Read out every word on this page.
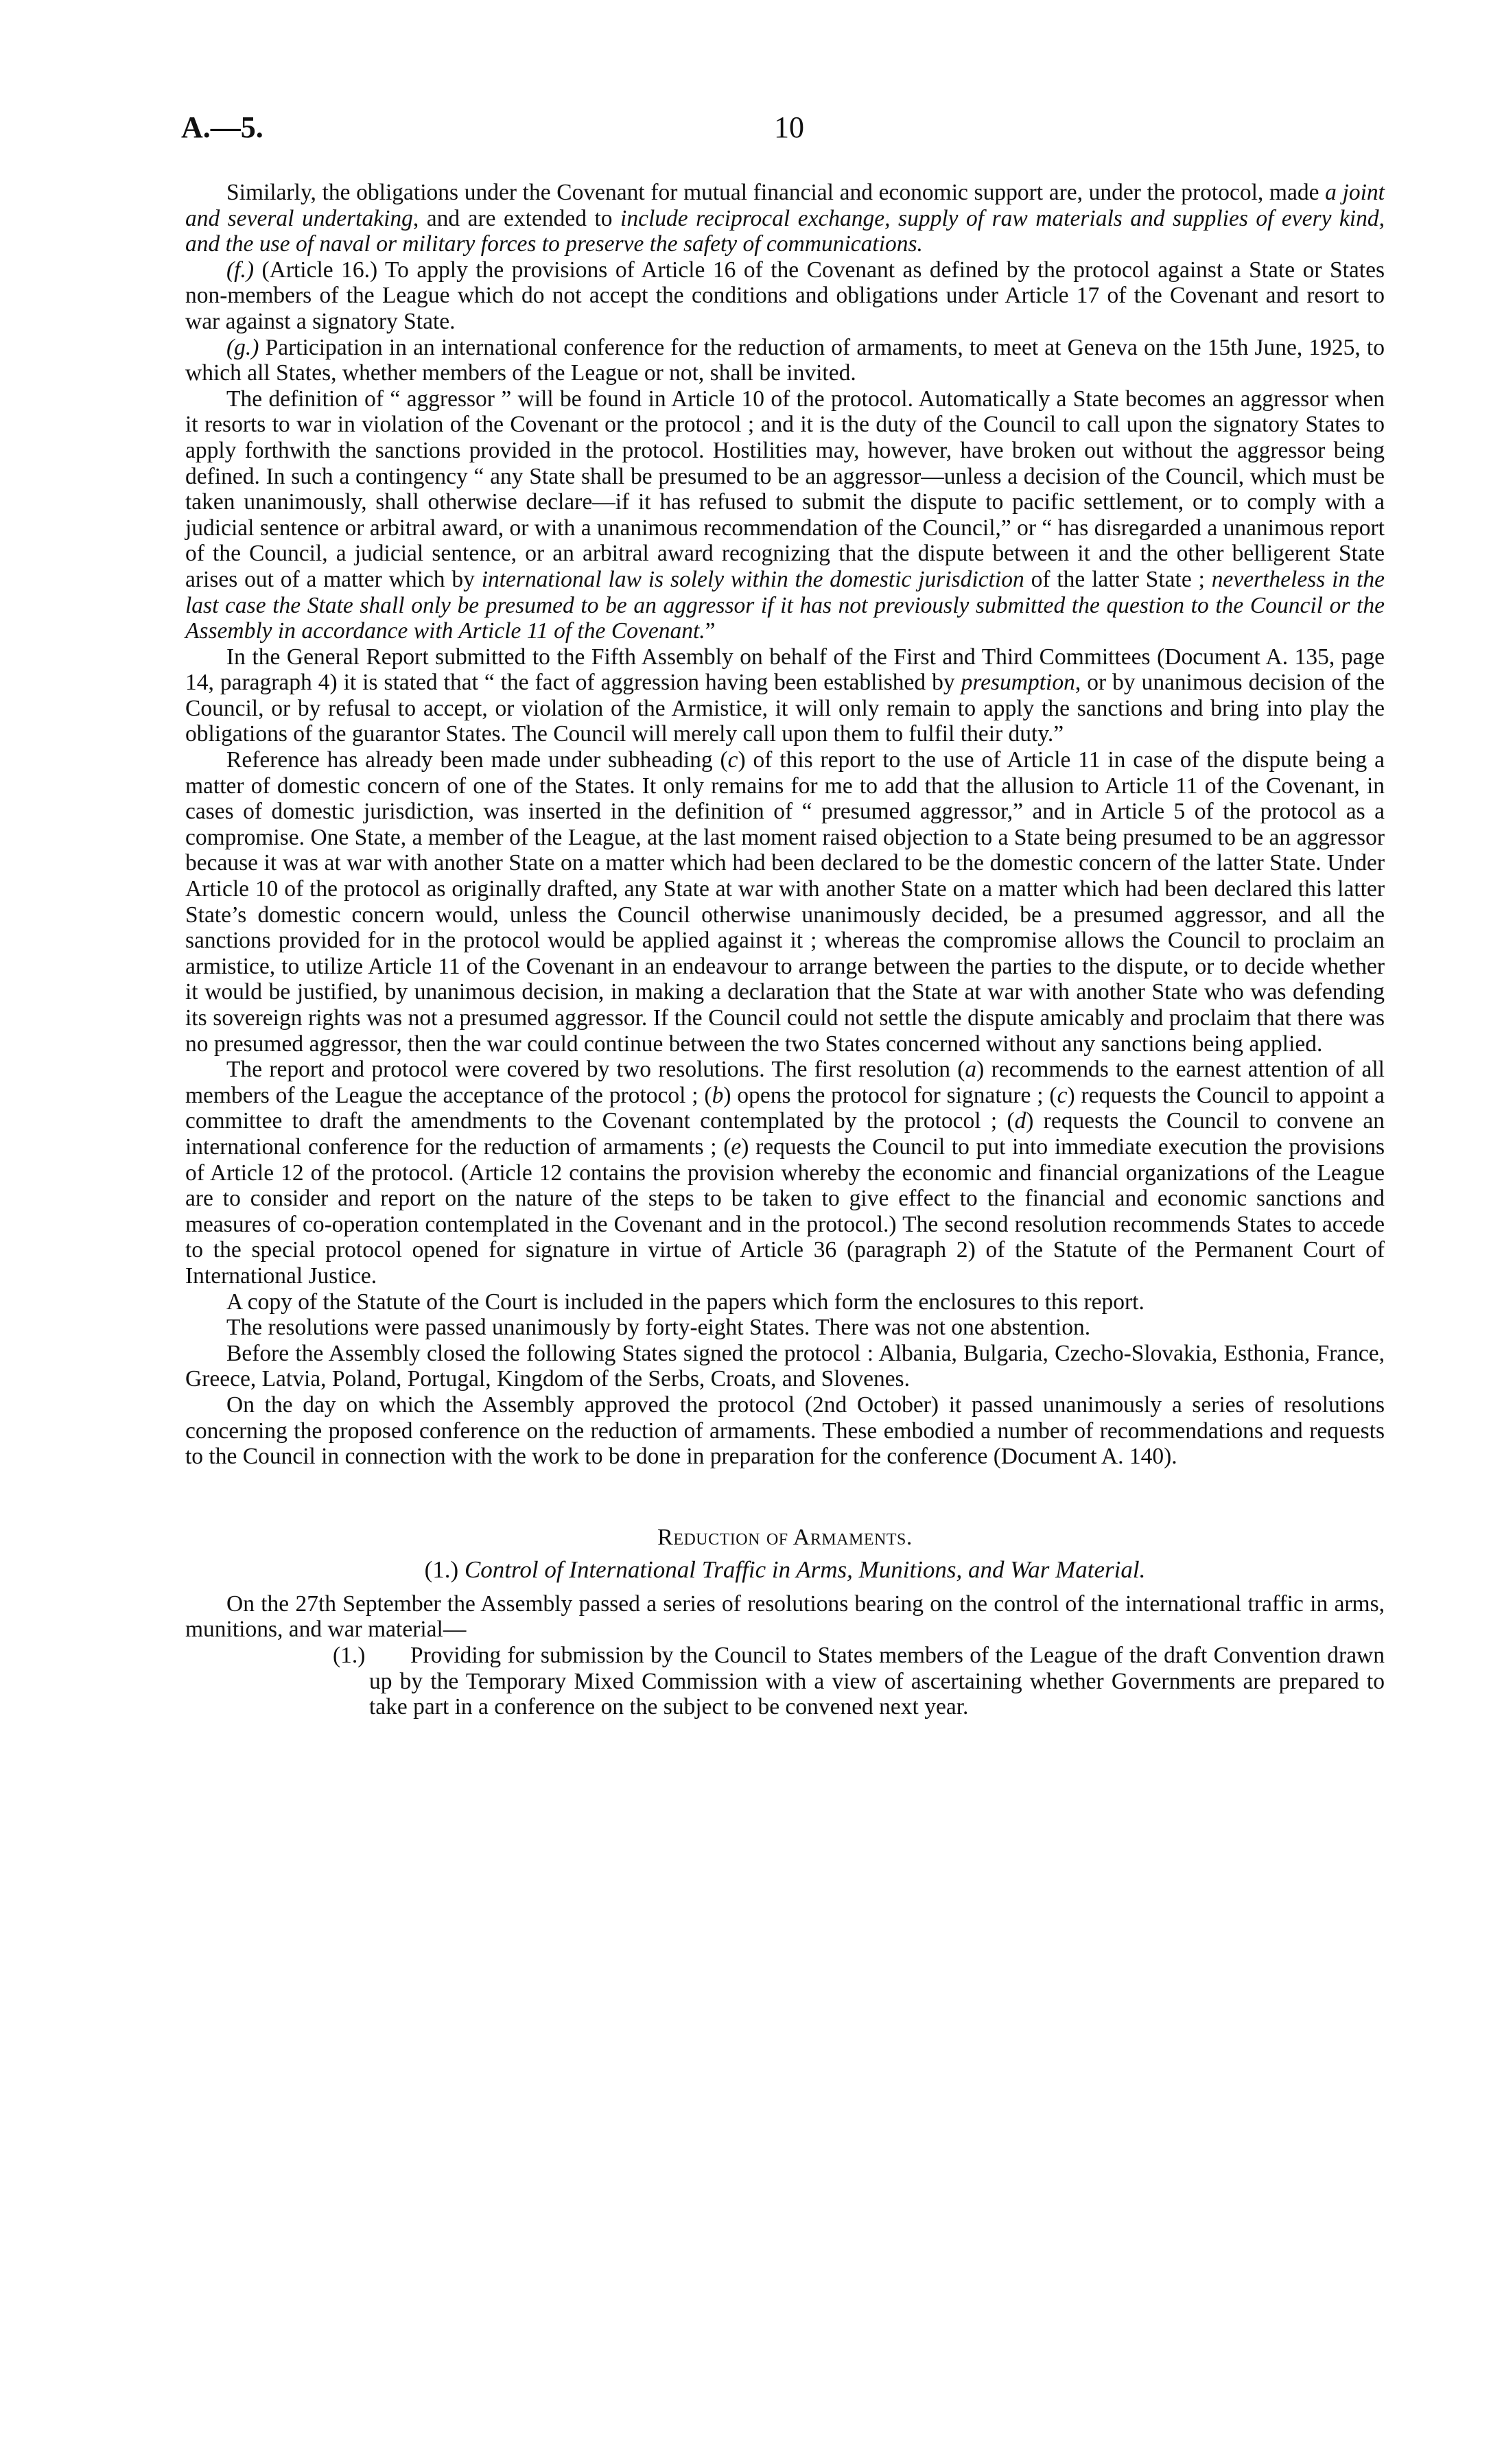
A.—5.	10

Similarly, the obligations under the Covenant for mutual financial and economic support are, under the protocol, made a joint and several undertaking, and are extended to include reciprocal exchange, supply of raw materials and supplies of every kind, and the use of naval or military forces to preserve the safety of communications.

(f.) (Article 16.) To apply the provisions of Article 16 of the Covenant as defined by the protocol against a State or States non-members of the League which do not accept the conditions and obligations under Article 17 of the Covenant and resort to war against a signatory State.

(g.) Participation in an international conference for the reduction of armaments, to meet at Geneva on the 15th June, 1925, to which all States, whether members of the League or not, shall be invited.

The definition of “ aggressor ” will be found in Article 10 of the protocol. Automatically a State becomes an aggressor when it resorts to war in violation of the Covenant or the protocol ; and it is the duty of the Council to call upon the signatory States to apply forthwith the sanctions provided in the protocol. Hostilities may, however, have broken out without the aggressor being defined. In such a contingency “ any State shall be presumed to be an aggressor—unless a decision of the Council, which must be taken unanimously, shall otherwise declare—if it has refused to submit the dispute to pacific settlement, or to comply with a judicial sentence or arbitral award, or with a unanimous recommendation of the Council,” or “ has disregarded a unanimous report of the Council, a judicial sentence, or an arbitral award recognizing that the dispute between it and the other belligerent State arises out of a matter which by international law is solely within the domestic jurisdiction of the latter State ; nevertheless in the last case the State shall only be presumed to be an aggressor if it has not previously submitted the question to the Council or the Assembly in accordance with Article 11 of the Covenant.”

In the General Report submitted to the Fifth Assembly on behalf of the First and Third Committees (Document A. 135, page 14, paragraph 4) it is stated that “ the fact of aggression having been established by presumption, or by unanimous decision of the Council, or by refusal to accept, or violation of the Armistice, it will only remain to apply the sanctions and bring into play the obligations of the guarantor States. The Council will merely call upon them to fulfil their duty.”

Reference has already been made under subheading (c) of this report to the use of Article 11 in case of the dispute being a matter of domestic concern of one of the States. It only remains for me to add that the allusion to Article 11 of the Covenant, in cases of domestic jurisdiction, was inserted in the definition of “ presumed aggressor,” and in Article 5 of the protocol as a compromise. One State, a member of the League, at the last moment raised objection to a State being presumed to be an aggressor because it was at war with another State on a matter which had been declared to be the domestic concern of the latter State. Under Article 10 of the protocol as originally drafted, any State at war with another State on a matter which had been declared this latter State’s domestic concern would, unless the Council otherwise unanimously decided, be a presumed aggressor, and all the sanctions provided for in the protocol would be applied against it ; whereas the compromise allows the Council to proclaim an armistice, to utilize Article 11 of the Covenant in an endeavour to arrange between the parties to the dispute, or to decide whether it would be justified, by unanimous decision, in making a declaration that the State at war with another State who was defending its sovereign rights was not a presumed aggressor. If the Council could not settle the dispute amicably and proclaim that there was no presumed aggressor, then the war could continue between the two States concerned without any sanctions being applied.

The report and protocol were covered by two resolutions. The first resolution (a) recommends to the earnest attention of all members of the League the acceptance of the protocol ; (b) opens the protocol for signature ; (c) requests the Council to appoint a committee to draft the amendments to the Covenant contemplated by the protocol ; (d) requests the Council to convene an international conference for the reduction of armaments ; (e) requests the Council to put into immediate execution the provisions of Article 12 of the protocol. (Article 12 contains the provision whereby the economic and financial organizations of the League are to consider and report on the nature of the steps to be taken to give effect to the financial and economic sanctions and measures of co-operation contemplated in the Covenant and in the protocol.) The second resolution recommends States to accede to the special protocol opened for signature in virtue of Article 36 (paragraph 2) of the Statute of the Permanent Court of International Justice.

A copy of the Statute of the Court is included in the papers which form the enclosures to this report.

The resolutions were passed unanimously by forty-eight States. There was not one abstention.

Before the Assembly closed the following States signed the protocol : Albania, Bulgaria, Czecho-Slovakia, Esthonia, France, Greece, Latvia, Poland, Portugal, Kingdom of the Serbs, Croats, and Slovenes.

On the day on which the Assembly approved the protocol (2nd October) it passed unanimously a series of resolutions concerning the proposed conference on the reduction of armaments. These embodied a number of recommendations and requests to the Council in connection with the work to be done in preparation for the conference (Document A. 140).

Reduction of Armaments.
(1.) Control of International Traffic in Arms, Munitions, and War Material.

On the 27th September the Assembly passed a series of resolutions bearing on the control of the international traffic in arms, munitions, and war material—

(1.) Providing for submission by the Council to States members of the League of the draft Convention drawn up by the Temporary Mixed Commission with a view of ascertaining whether Governments are prepared to take part in a conference on the subject to be convened next year.
